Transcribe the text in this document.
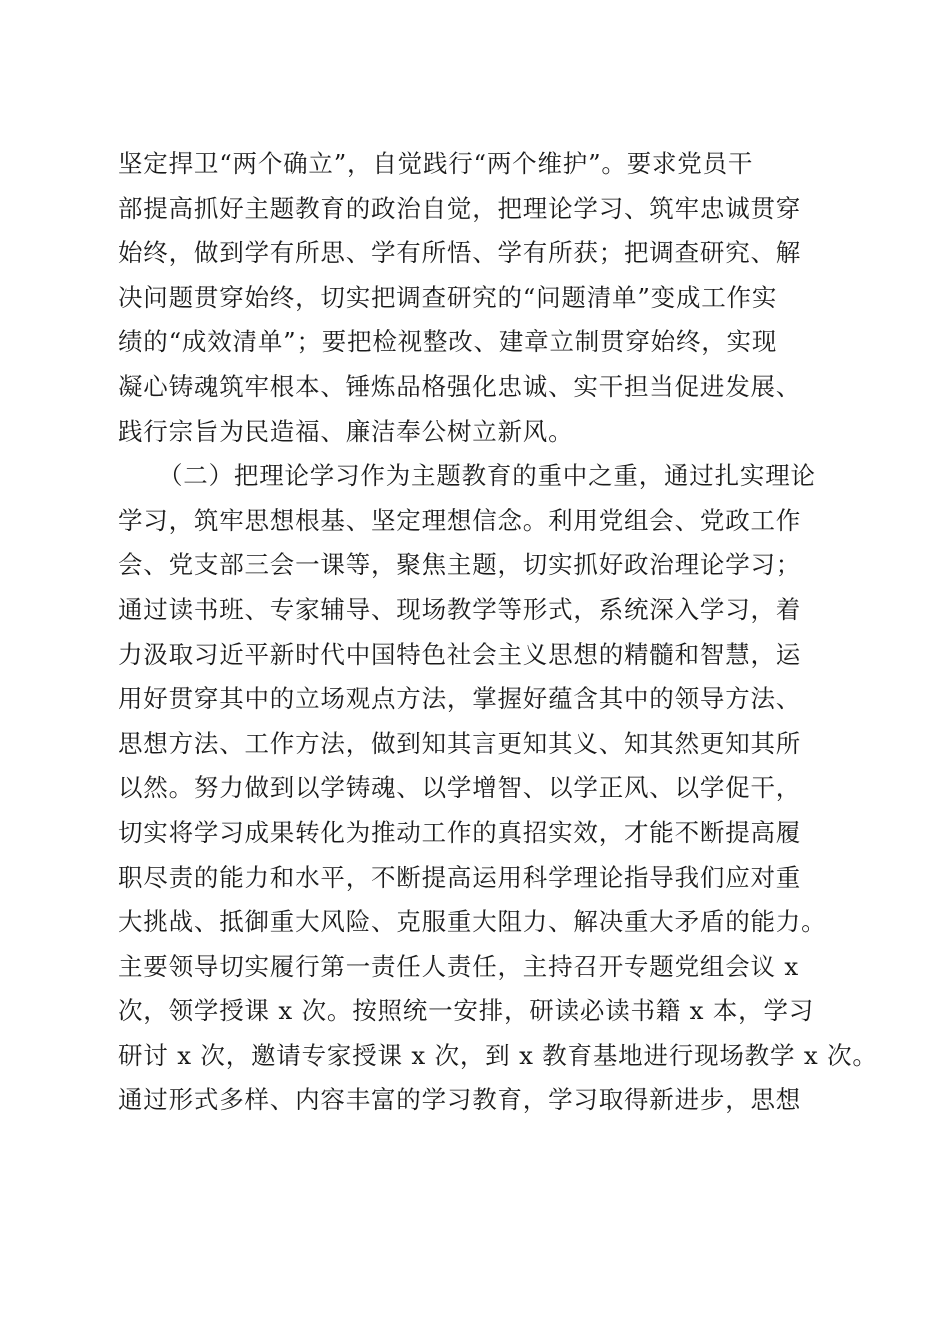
坚定捍卫“两个确立”，自觉践行“两个维护”。要求党员干
部提高抓好主题教育的政治自觉，把理论学习、筑牢忠诚贯穿
始终，做到学有所思、学有所悟、学有所获；把调查研究、解
决问题贯穿始终，切实把调查研究的“问题清单”变成工作实
绩的“成效清单”；要把检视整改、建章立制贯穿始终，实现
凝心铸魂筑牢根本、锤炼品格强化忠诚、实干担当促进发展、
践行宗旨为民造福、廉洁奉公树立新风。
（二）把理论学习作为主题教育的重中之重，通过扎实理论
学习，筑牢思想根基、坚定理想信念。利用党组会、党政工作
会、党支部三会一课等，聚焦主题，切实抓好政治理论学习；
通过读书班、专家辅导、现场教学等形式，系统深入学习，着
力汲取习近平新时代中国特色社会主义思想的精髓和智慧，运
用好贯穿其中的立场观点方法，掌握好蕴含其中的领导方法、
思想方法、工作方法，做到知其言更知其义、知其然更知其所
以然。努力做到以学铸魂、以学增智、以学正风、以学促干，
切实将学习成果转化为推动工作的真招实效，才能不断提高履
职尽责的能力和水平，不断提高运用科学理论指导我们应对重
大挑战、抵御重大风险、克服重大阻力、解决重大矛盾的能力。
主要领导切实履行第一责任人责任，主持召开专题党组会议 x
次，领学授课 x 次。按照统一安排，研读必读书籍 x 本，学习
研讨 x 次，邀请专家授课 x 次，到 x 教育基地进行现场教学 x 次。
通过形式多样、内容丰富的学习教育，学习取得新进步，思想
